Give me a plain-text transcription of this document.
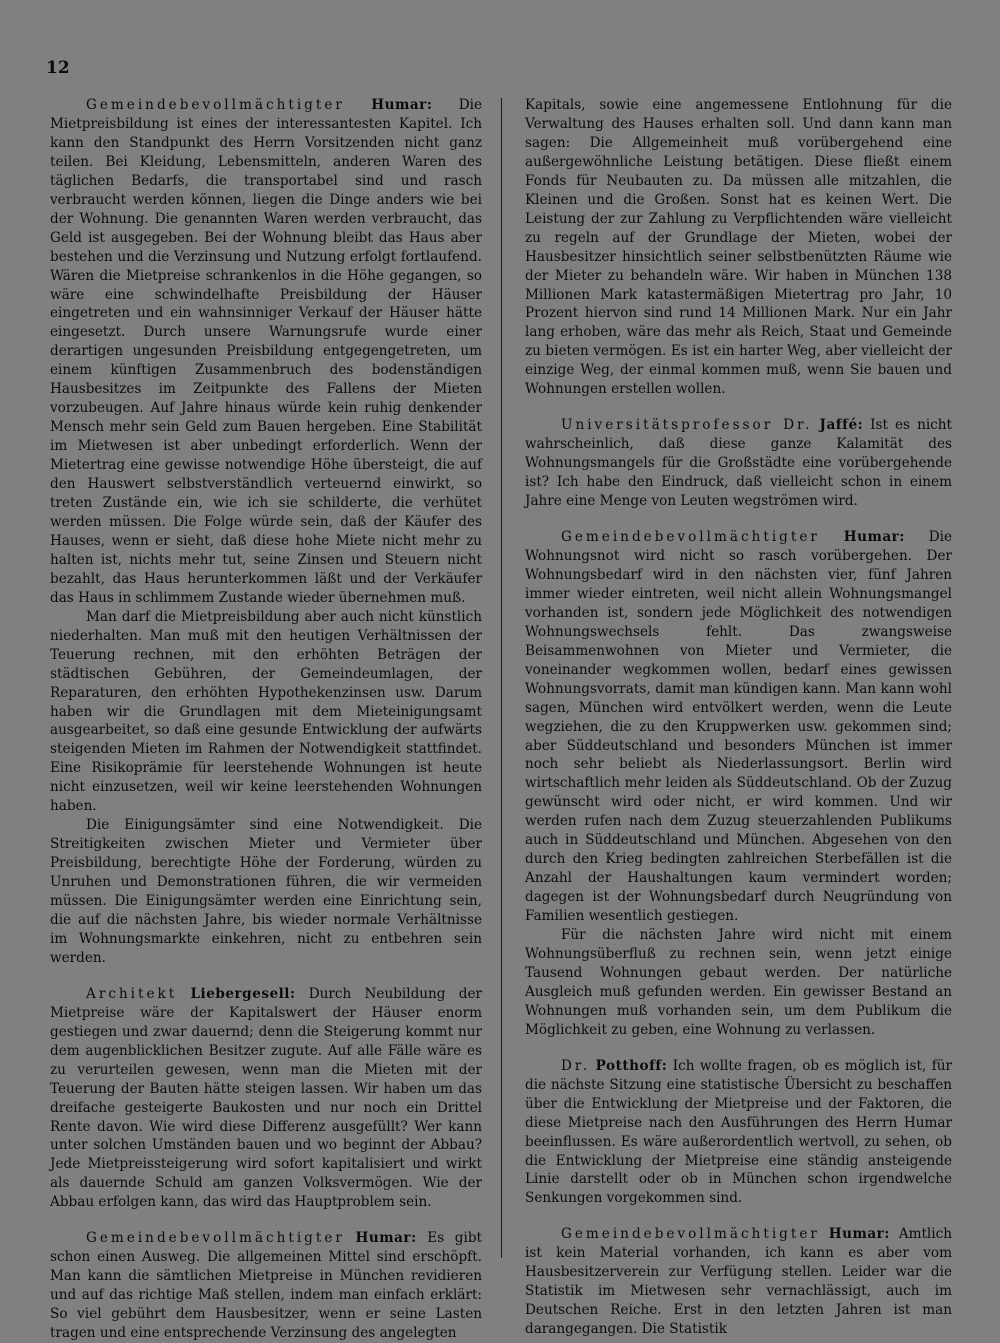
12

Gemeindebevollmächtigter Humar: Die Mietpreisbildung ist eines der interessantesten Kapitel. Ich kann den Standpunkt des Herrn Vorsitzenden nicht ganz teilen. Bei Kleidung, Lebensmitteln, anderen Waren des täglichen Bedarfs, die transportabel sind und rasch verbraucht werden können, liegen die Dinge anders wie bei der Wohnung. Die genannten Waren werden verbraucht, das Geld ist ausgegeben. Bei der Wohnung bleibt das Haus aber bestehen und die Verzinsung und Nutzung erfolgt fortlaufend. Wären die Mietpreise schrankenlos in die Höhe gegangen, so wäre eine schwindelhafte Preisbildung der Häuser eingetreten und ein wahnsinniger Verkauf der Häuser hätte eingesetzt. Durch unsere Warnungsrufe wurde einer derartigen ungesunden Preisbildung entgegengetreten, um einem künftigen Zusammenbruch des bodenständigen Hausbesitzes im Zeitpunkte des Fallens der Mieten vorzubeugen. Auf Jahre hinaus würde kein ruhig denkender Mensch mehr sein Geld zum Bauen hergeben. Eine Stabilität im Mietwesen ist aber unbedingt erforderlich. Wenn der Mietertrag eine gewisse notwendige Höhe übersteigt, die auf den Hauswert selbstverständlich verteuernd einwirkt, so treten Zustände ein, wie ich sie schilderte, die verhütet werden müssen. Die Folge würde sein, daß der Käufer des Hauses, wenn er sieht, daß diese hohe Miete nicht mehr zu halten ist, nichts mehr tut, seine Zinsen und Steuern nicht bezahlt, das Haus herunterkommen läßt und der Verkäufer das Haus in schlimmem Zustande wieder übernehmen muß.

Man darf die Mietpreisbildung aber auch nicht künstlich niederhalten. Man muß mit den heutigen Verhältnissen der Teuerung rechnen, mit den erhöhten Beträgen der städtischen Gebühren, der Gemeindeumlagen, der Reparaturen, den erhöhten Hypothekenzinsen usw. Darum haben wir die Grundlagen mit dem Mieteinigungsamt ausgearbeitet, so daß eine gesunde Entwicklung der aufwärts steigenden Mieten im Rahmen der Notwendigkeit stattfindet. Eine Risikoprämie für leerstehende Wohnungen ist heute nicht einzusetzen, weil wir keine leerstehenden Wohnungen haben.

Die Einigungsämter sind eine Notwendigkeit. Die Streitigkeiten zwischen Mieter und Vermieter über Preisbildung, berechtigte Höhe der Forderung, würden zu Unruhen und Demonstrationen führen, die wir vermeiden müssen. Die Einigungsämter werden eine Einrichtung sein, die auf die nächsten Jahre, bis wieder normale Verhältnisse im Wohnungsmarkte einkehren, nicht zu entbehren sein werden.

Architekt Liebergesell: Durch Neubildung der Mietpreise wäre der Kapitalswert der Häuser enorm gestiegen und zwar dauernd; denn die Steigerung kommt nur dem augenblicklichen Besitzer zugute. Auf alle Fälle wäre es zu verurteilen gewesen, wenn man die Mieten mit der Teuerung der Bauten hätte steigen lassen. Wir haben um das dreifache gesteigerte Baukosten und nur noch ein Drittel Rente davon. Wie wird diese Differenz ausgefüllt? Wer kann unter solchen Umständen bauen und wo beginnt der Abbau? Jede Mietpreissteigerung wird sofort kapitalisiert und wirkt als dauernde Schuld am ganzen Volksvermögen. Wie der Abbau erfolgen kann, das wird das Hauptproblem sein.

Gemeindebevollmächtigter Humar: Es gibt schon einen Ausweg. Die allgemeinen Mittel sind erschöpft. Man kann die sämtlichen Mietpreise in München revidieren und auf das richtige Maß stellen, indem man einfach erklärt: So viel gebührt dem Hausbesitzer, wenn er seine Lasten tragen und eine entsprechende Verzinsung des angelegten

Kapitals, sowie eine angemessene Entlohnung für die Verwaltung des Hauses erhalten soll. Und dann kann man sagen: Die Allgemeinheit muß vorübergehend eine außergewöhnliche Leistung betätigen. Diese fließt einem Fonds für Neubauten zu. Da müssen alle mitzahlen, die Kleinen und die Großen. Sonst hat es keinen Wert. Die Leistung der zur Zahlung zu Verpflichtenden wäre vielleicht zu regeln auf der Grundlage der Mieten, wobei der Hausbesitzer hinsichtlich seiner selbstbenützten Räume wie der Mieter zu behandeln wäre. Wir haben in München 138 Millionen Mark katastermäßigen Mietertrag pro Jahr, 10 Prozent hiervon sind rund 14 Millionen Mark. Nur ein Jahr lang erhoben, wäre das mehr als Reich, Staat und Gemeinde zu bieten vermögen. Es ist ein harter Weg, aber vielleicht der einzige Weg, der einmal kommen muß, wenn Sie bauen und Wohnungen erstellen wollen.

Universitätsprofessor Dr. Jaffé: Ist es nicht wahrscheinlich, daß diese ganze Kalamität des Wohnungsmangels für die Großstädte eine vorübergehende ist? Ich habe den Eindruck, daß vielleicht schon in einem Jahre eine Menge von Leuten wegströmen wird.

Gemeindebevollmächtigter Humar: Die Wohnungsnot wird nicht so rasch vorübergehen. Der Wohnungsbedarf wird in den nächsten vier, fünf Jahren immer wieder eintreten, weil nicht allein Wohnungsmangel vorhanden ist, sondern jede Möglichkeit des notwendigen Wohnungswechsels fehlt. Das zwangsweise Beisammenwohnen von Mieter und Vermieter, die voneinander wegkommen wollen, bedarf eines gewissen Wohnungsvorrats, damit man kündigen kann. Man kann wohl sagen, München wird entvölkert werden, wenn die Leute wegziehen, die zu den Kruppwerken usw. gekommen sind; aber Süddeutschland und besonders München ist immer noch sehr beliebt als Niederlassungsort. Berlin wird wirtschaftlich mehr leiden als Süddeutschland. Ob der Zuzug gewünscht wird oder nicht, er wird kommen. Und wir werden rufen nach dem Zuzug steuerzahlenden Publikums auch in Süddeutschland und München. Abgesehen von den durch den Krieg bedingten zahlreichen Sterbefällen ist die Anzahl der Haushaltungen kaum vermindert worden; dagegen ist der Wohnungsbedarf durch Neugründung von Familien wesentlich gestiegen.

Für die nächsten Jahre wird nicht mit einem Wohnungsüberfluß zu rechnen sein, wenn jetzt einige Tausend Wohnungen gebaut werden. Der natürliche Ausgleich muß gefunden werden. Ein gewisser Bestand an Wohnungen muß vorhanden sein, um dem Publikum die Möglichkeit zu geben, eine Wohnung zu verlassen.

Dr. Potthoff: Ich wollte fragen, ob es möglich ist, für die nächste Sitzung eine statistische Übersicht zu beschaffen über die Entwicklung der Mietpreise und der Faktoren, die diese Mietpreise nach den Ausführungen des Herrn Humar beeinflussen. Es wäre außerordentlich wertvoll, zu sehen, ob die Entwicklung der Mietpreise eine ständig ansteigende Linie darstellt oder ob in München schon irgendwelche Senkungen vorgekommen sind.

Gemeindebevollmächtigter Humar: Amtlich ist kein Material vorhanden, ich kann es aber vom Hausbesitzerverein zur Verfügung stellen. Leider war die Statistik im Mietwesen sehr vernachlässigt, auch im Deutschen Reiche. Erst in den letzten Jahren ist man darangegangen. Die Statistik
